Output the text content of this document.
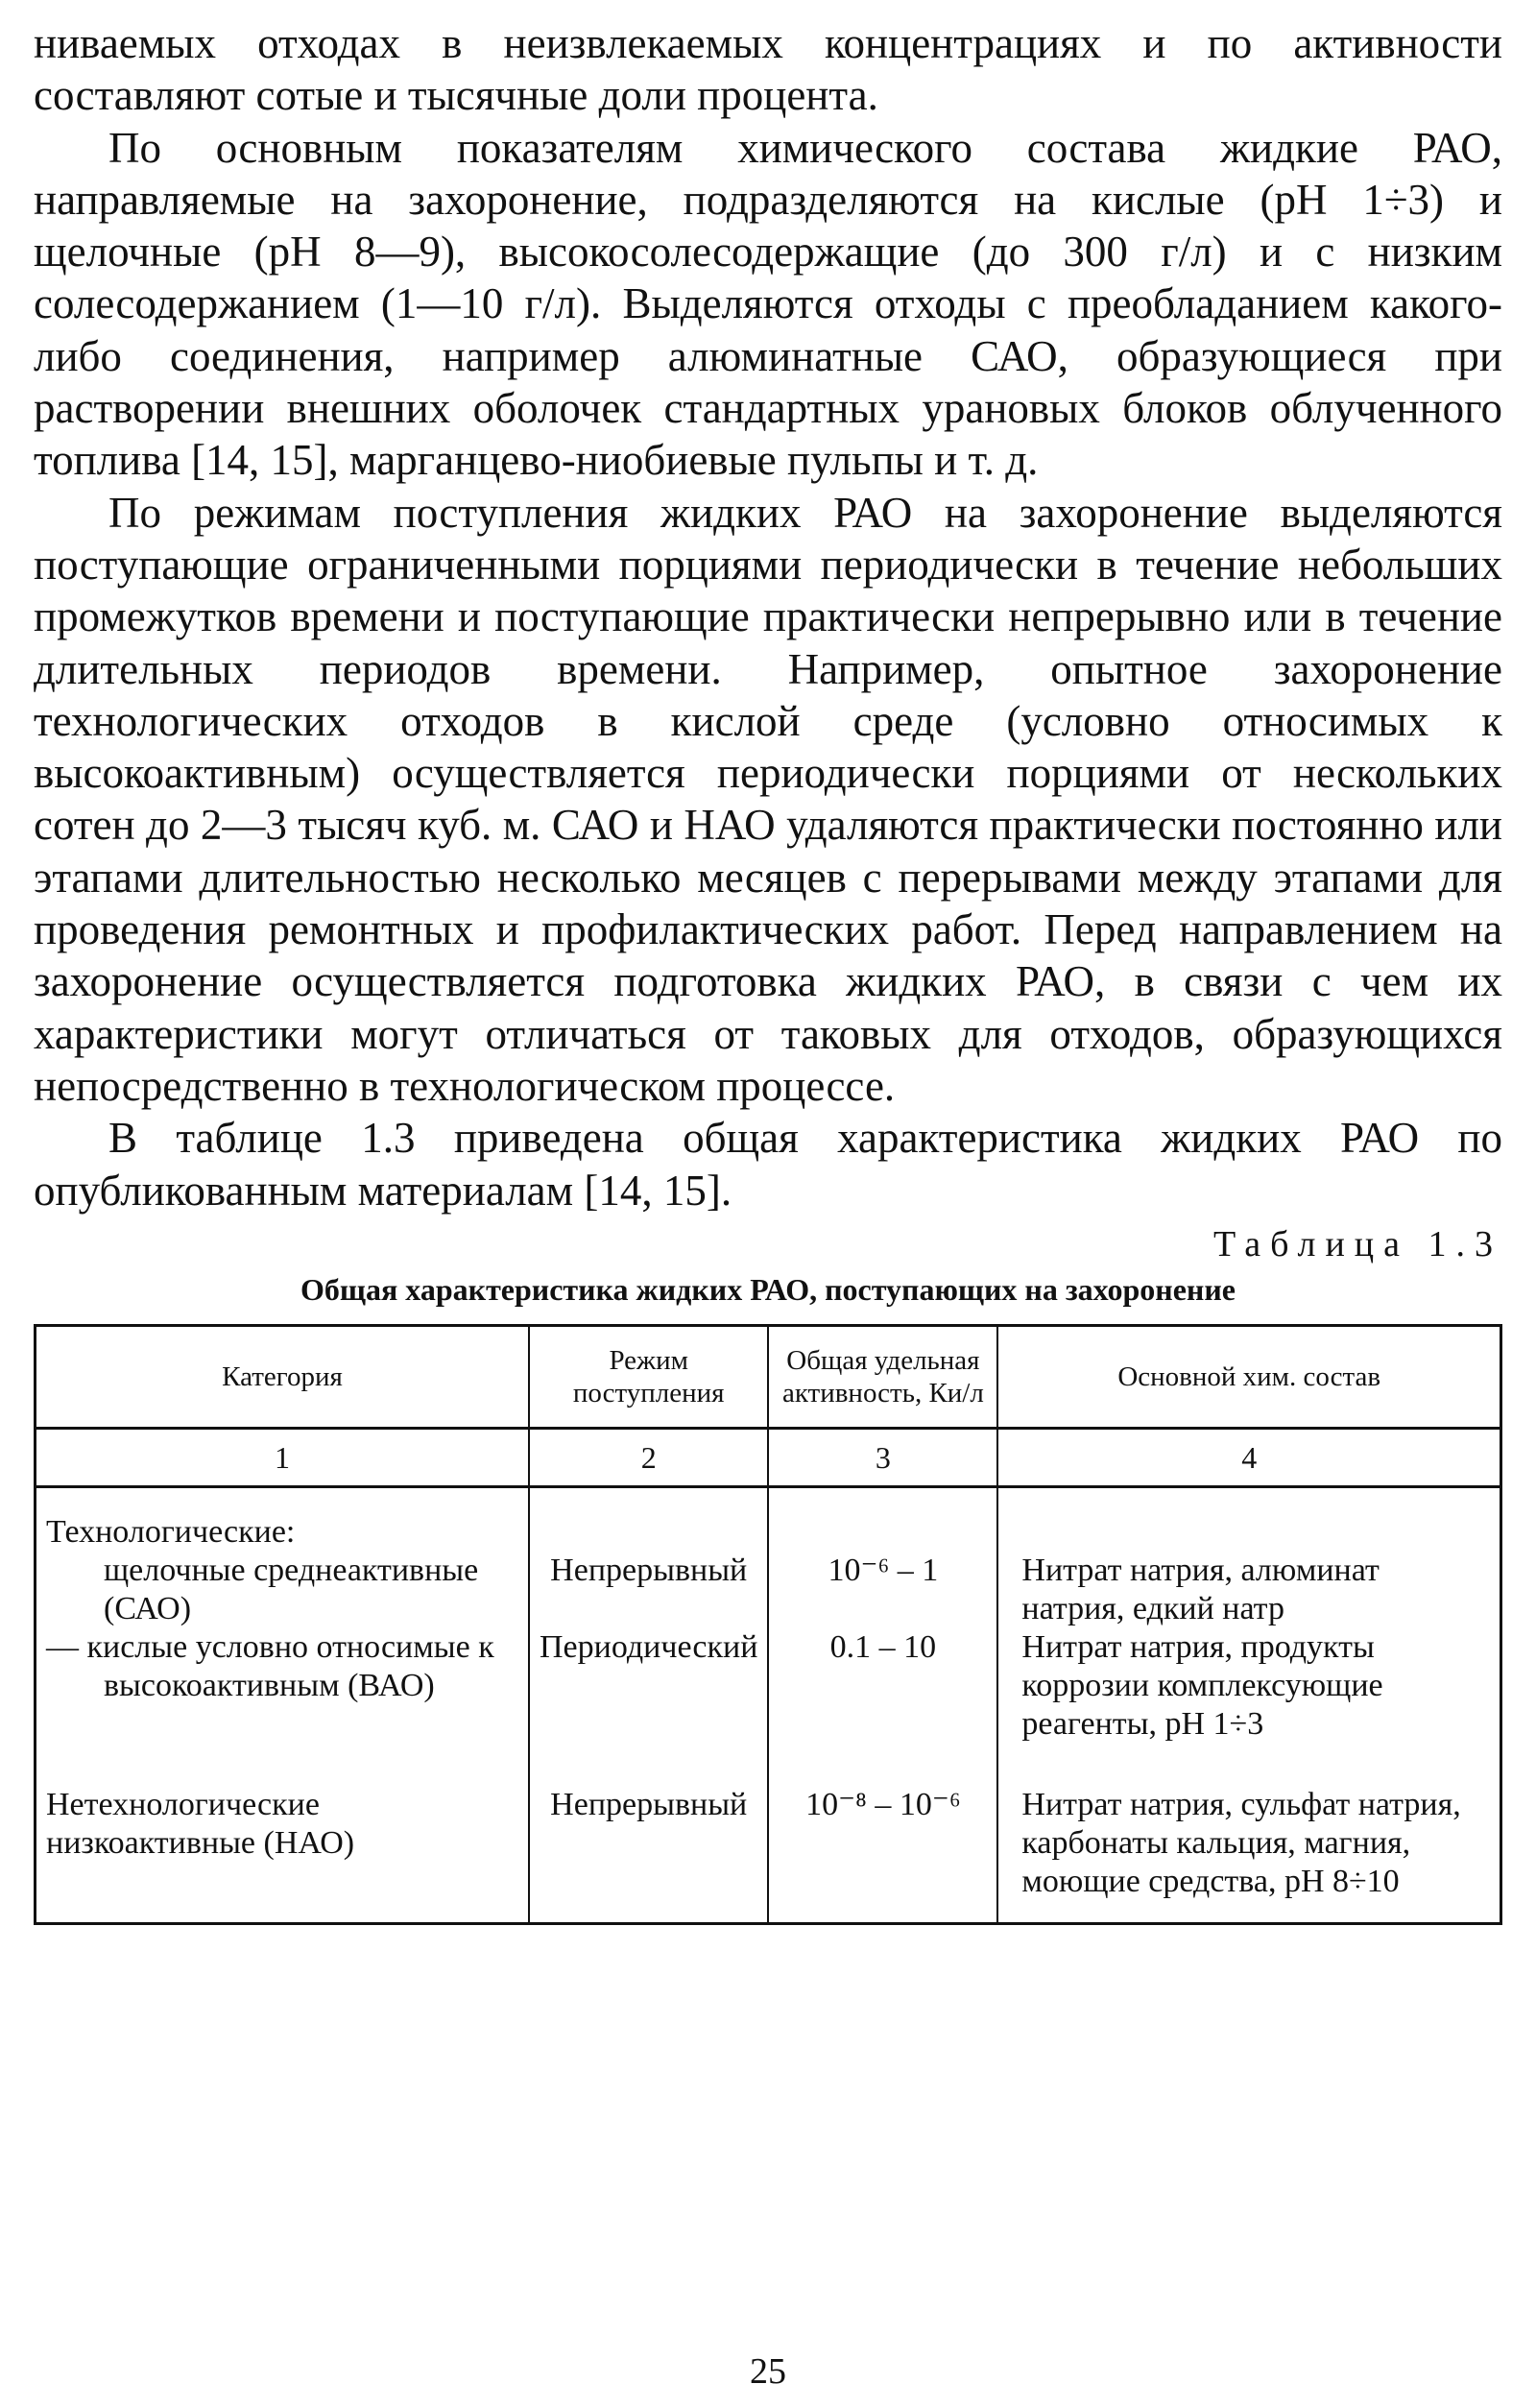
ниваемых отходах в неизвлекаемых концентрациях и по активности составляют сотые и тысячные доли процента.

По основным показателям химического состава жидкие РАО, направляемые на захоронение, подразделяются на кислые (pH 1÷3) и щелочные (pH 8—9), высокосолесодержащие (до 300 г/л) и с низким солесодержанием (1—10 г/л). Выделяются отходы с преобладанием какого-либо соединения, например алюминатные САО, образующиеся при растворении внешних оболочек стандартных урановых блоков облученного топлива [14, 15], марганцево-ниобиевые пульпы и т. д.

По режимам поступления жидких РАО на захоронение выделяются поступающие ограниченными порциями периодически в течение небольших промежутков времени и поступающие практически непрерывно или в течение длительных периодов времени. Например, опытное захоронение технологических отходов в кислой среде (условно относимых к высокоактивным) осуществляется периодически порциями от нескольких сотен до 2—3 тысяч куб. м. САО и НАО удаляются практически постоянно или этапами длительностью несколько месяцев с перерывами между этапами для проведения ремонтных и профилактических работ. Перед направлением на захоронение осуществляется подготовка жидких РАО, в связи с чем их характеристики могут отличаться от таковых для отходов, образующихся непосредственно в технологическом процессе.

В таблице 1.3 приведена общая характеристика жидких РАО по опубликованным материалам [14, 15].

Таблица 1.3

Общая характеристика жидких РАО, поступающих на захоронение

Категория	Режим поступления	Общая удельная активность, Ки/л	Основной хим. состав
1	2	3	4

Технологические:
щелочные среднеактивные (САО)	Непрерывный	10⁻⁶ – 1	Нитрат натрия, алюминат натрия, едкий натр

— кислые условно относимые к высокоактивным (ВАО)	Периодический	0.1 – 10	Нитрат натрия, продукты коррозии комплексующие реагенты, pH 1÷3
Нетехнологические низкоактивные (НАО)	Непрерывный	10⁻⁸ – 10⁻⁶	Нитрат натрия, сульфат натрия, карбонаты кальция, магния, моющие средства, pH 8÷10
25
